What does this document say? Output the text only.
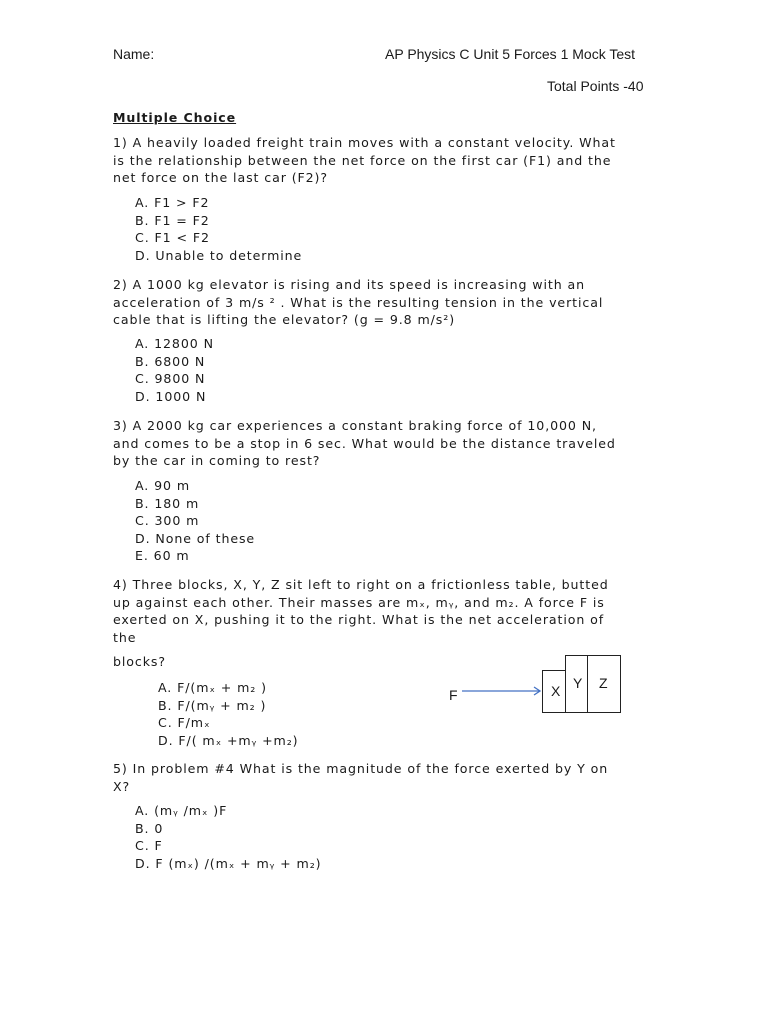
Name:	AP Physics C Unit 5 Forces 1 Mock Test
Total Points -40
Multiple Choice
1) A heavily loaded freight train moves with a constant velocity. What
is the relationship between the net force on the first car (F1) and the
net force on the last car (F2)?
A. F1 > F2
B. F1 = F2
C. F1 < F2
D. Unable to determine
2) A 1000 kg elevator is rising and its speed is increasing with an
acceleration of 3 m/s ² . What is the resulting tension in the vertical
cable that is lifting the elevator? (g = 9.8 m/s²)
A. 12800 N
B. 6800 N
C. 9800 N
D. 1000 N
3) A 2000 kg car experiences a constant braking force of 10,000 N,
and comes to be a stop in 6 sec. What would be the distance traveled
by the car in coming to rest?
A. 90 m
B. 180 m
C. 300 m
D. None of these
E. 60 m
4) Three blocks, X, Y, Z sit left to right on a frictionless table, butted
up against each other. Their masses are mₓ, mᵧ, and m₂. A force F is
exerted on X, pushing it to the right. What is the net acceleration of
the
blocks?
A. F/(mₓ + m₂ )
B. F/(mᵧ + m₂ )
C. F/mₓ
D. F/( mₓ +mᵧ +m₂)
F	X Y Z
5) In problem #4 What is the magnitude of the force exerted by Y on
X?
A. (mᵧ /mₓ )F
B. 0
C. F
D. F (mₓ) /(mₓ + mᵧ + m₂)
